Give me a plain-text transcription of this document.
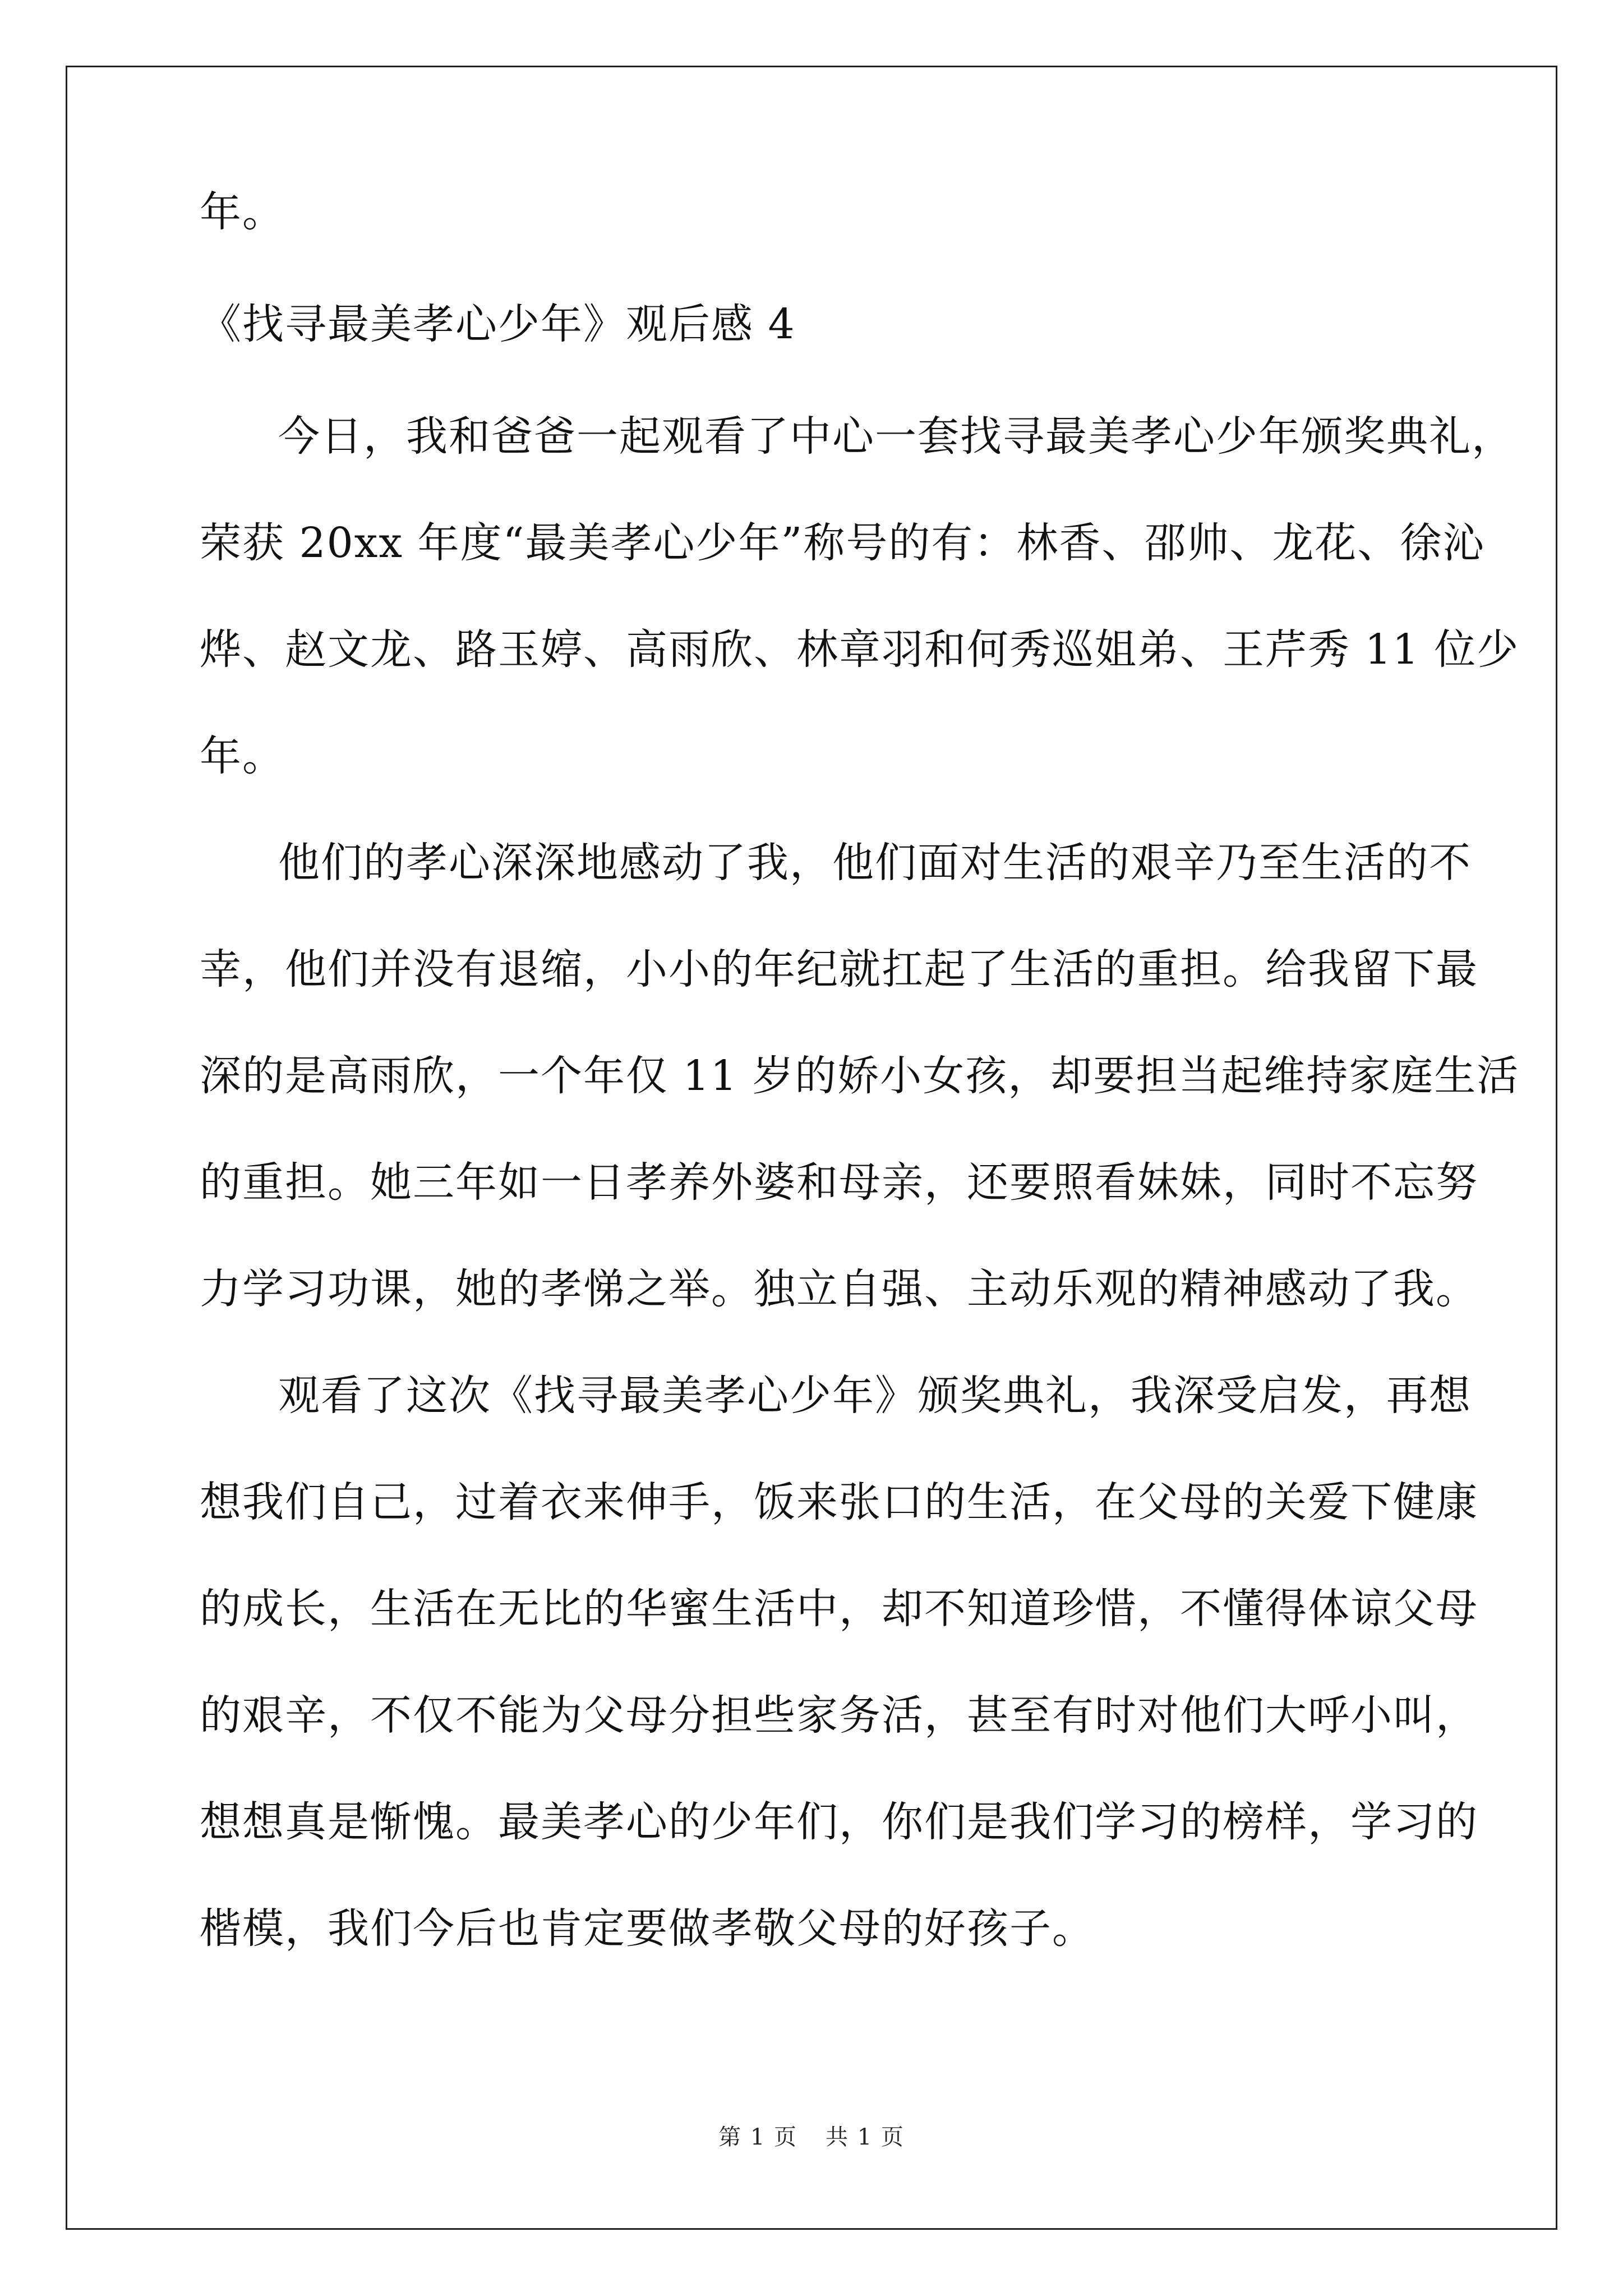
年。
《找寻最美孝心少年》观后感 4
今日，我和爸爸一起观看了中心一套找寻最美孝心少年颁奖典礼，
荣获 20xx 年度“最美孝心少年”称号的有：林香、邵帅、龙花、徐沁
烨、赵文龙、路玉婷、高雨欣、林章羽和何秀巡姐弟、王芹秀 11 位少
年。
他们的孝心深深地感动了我，他们面对生活的艰辛乃至生活的不
幸，他们并没有退缩，小小的年纪就扛起了生活的重担。给我留下最
深的是高雨欣，一个年仅 11 岁的娇小女孩，却要担当起维持家庭生活
的重担。她三年如一日孝养外婆和母亲，还要照看妹妹，同时不忘努
力学习功课，她的孝悌之举。独立自强、主动乐观的精神感动了我。
观看了这次《找寻最美孝心少年》颁奖典礼，我深受启发，再想
想我们自己，过着衣来伸手，饭来张口的生活，在父母的关爱下健康
的成长，生活在无比的华蜜生活中，却不知道珍惜，不懂得体谅父母
的艰辛，不仅不能为父母分担些家务活，甚至有时对他们大呼小叫，
想想真是惭愧。最美孝心的少年们，你们是我们学习的榜样，学习的
楷模，我们今后也肯定要做孝敬父母的好孩子。
第 1 页 共 1 页
